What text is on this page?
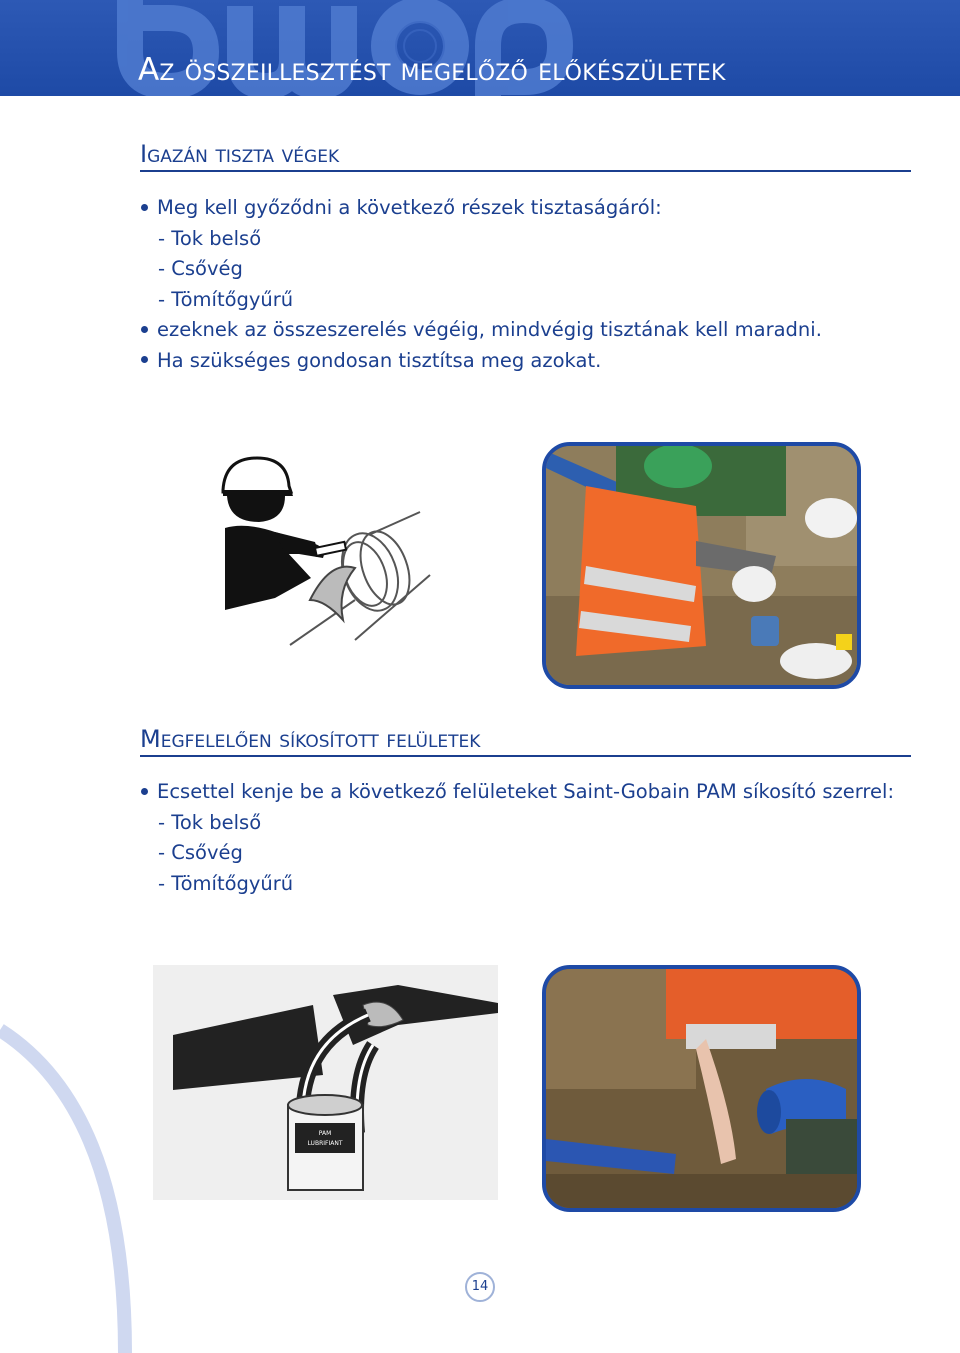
Az összeillesztést megelőző előkészületek
Igazán tiszta végek
Meg kell győződni a következő részek tisztaságáról:
- Tok belső
- Csővég
- Tömítőgyűrű
ezeknek az összeszerelés végéig, mindvégig tisztának kell maradni.
Ha szükséges gondosan tisztítsa meg azokat.
Megfelelően síkosított felületek
Ecsettel kenje be a következő felületeket Saint-Gobain PAM síkosító szerrel:
- Tok belső
- Csővég
- Tömítőgyűrű
PAM
LUBRIFIANT
14
